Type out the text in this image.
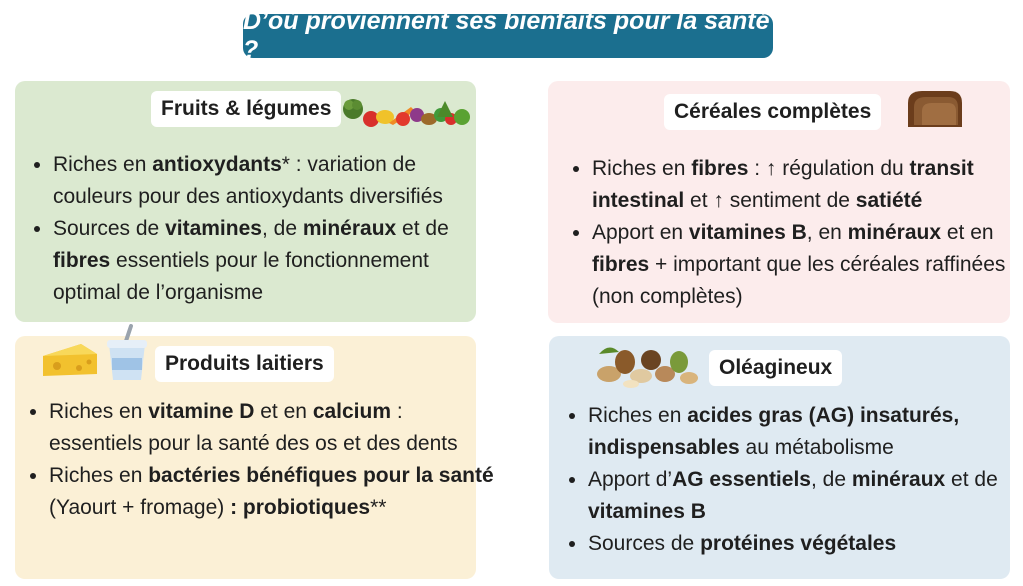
D’où proviennent ses bienfaits pour la santé ?
Fruits & légumes
• Riches en antioxydants* : variation de couleurs pour des antioxydants diversifiés
• Sources de vitamines, de minéraux et de fibres essentiels pour le fonctionnement optimal de l’organisme
Céréales complètes
• Riches en fibres : ↑ régulation du transit intestinal et ↑ sentiment de satiété
• Apport en vitamines B, en minéraux et en fibres + important que les céréales raffinées (non complètes)
Produits laitiers
• Riches en vitamine D et en calcium : essentiels pour la santé des os et des dents
• Riches en bactéries bénéfiques pour la santé (Yaourt + fromage) : probiotiques**
Oléagineux
• Riches en acides gras (AG) insaturés, indispensables au métabolisme
• Apport d’AG essentiels, de minéraux et de vitamines B
• Sources de protéines végétales
